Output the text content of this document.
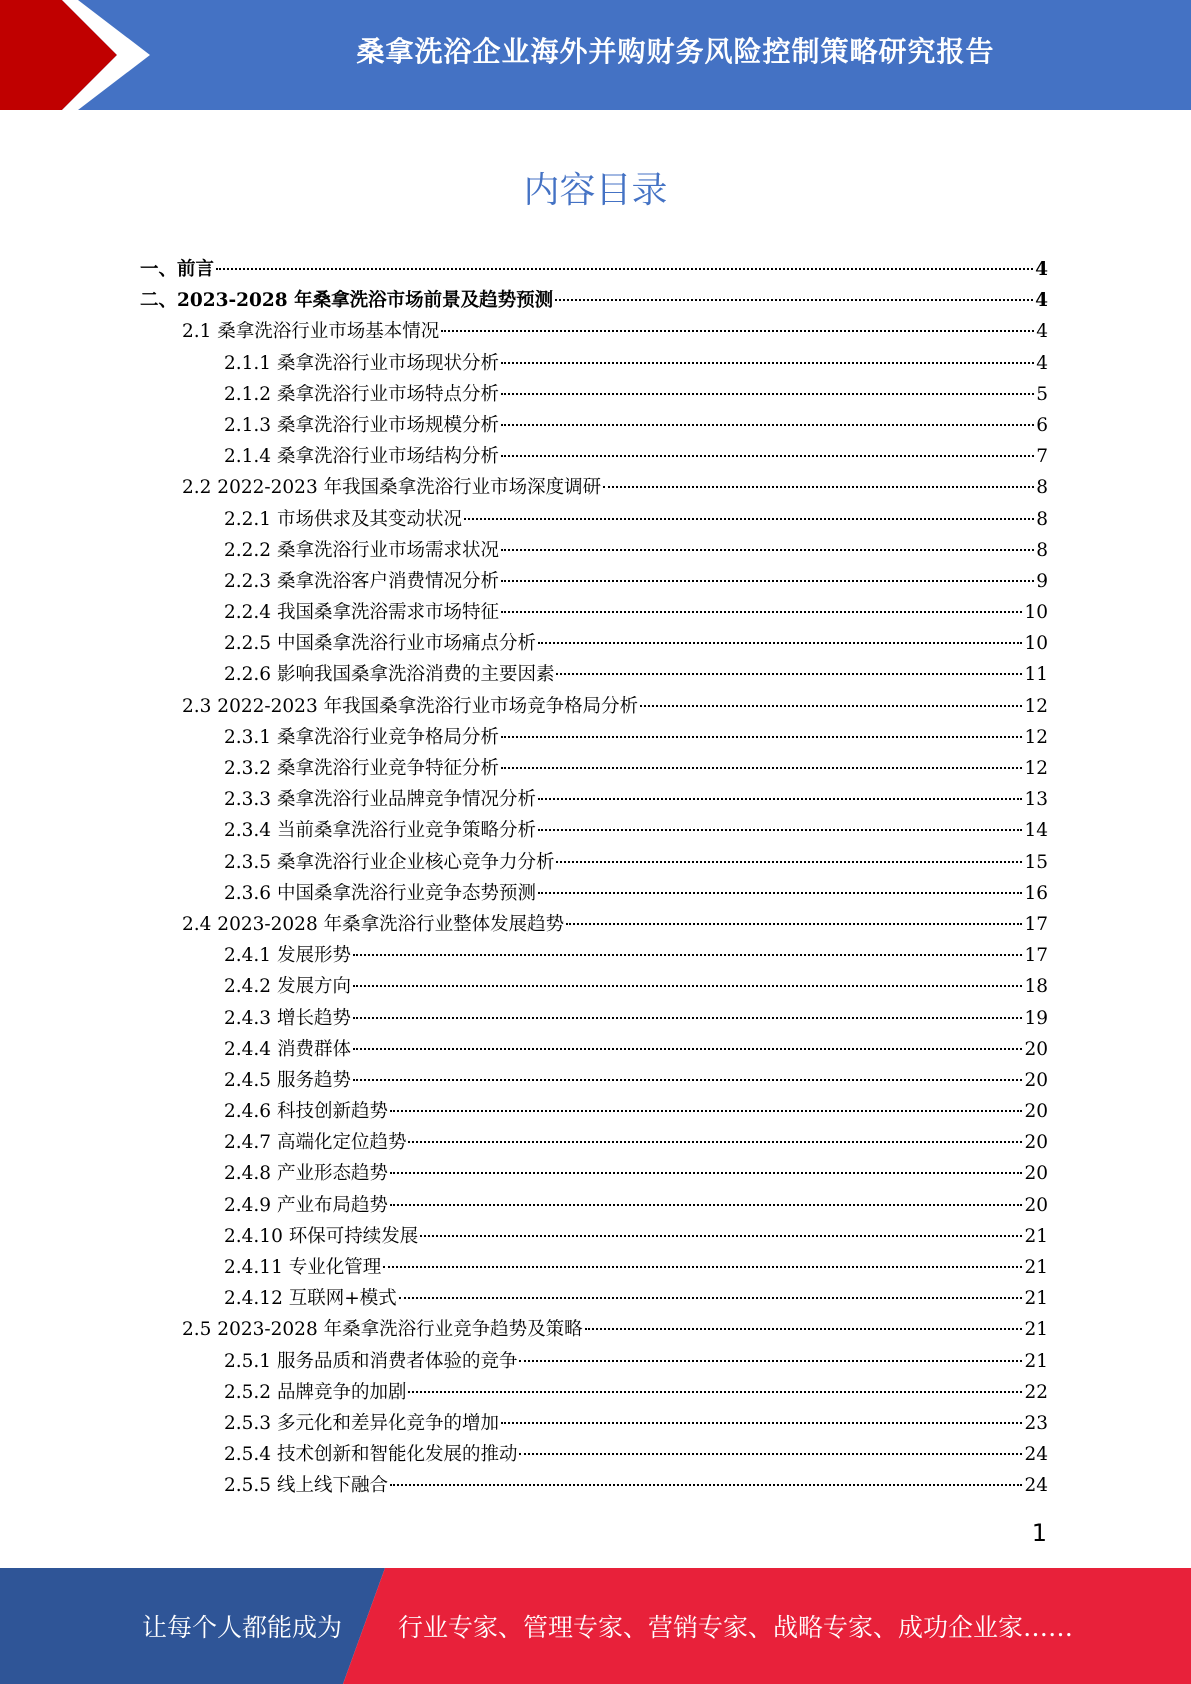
桑拿洗浴企业海外并购财务风险控制策略研究报告
内容目录
一、前言	4
二、2023-2028 年桑拿洗浴市场前景及趋势预测	4
2.1 桑拿洗浴行业市场基本情况	4
2.1.1 桑拿洗浴行业市场现状分析	4
2.1.2 桑拿洗浴行业市场特点分析	5
2.1.3 桑拿洗浴行业市场规模分析	6
2.1.4 桑拿洗浴行业市场结构分析	7
2.2 2022-2023 年我国桑拿洗浴行业市场深度调研	8
2.2.1 市场供求及其变动状况	8
2.2.2 桑拿洗浴行业市场需求状况	8
2.2.3 桑拿洗浴客户消费情况分析	9
2.2.4 我国桑拿洗浴需求市场特征	10
2.2.5 中国桑拿洗浴行业市场痛点分析	10
2.2.6 影响我国桑拿洗浴消费的主要因素	11
2.3 2022-2023 年我国桑拿洗浴行业市场竞争格局分析	12
2.3.1 桑拿洗浴行业竞争格局分析	12
2.3.2 桑拿洗浴行业竞争特征分析	12
2.3.3 桑拿洗浴行业品牌竞争情况分析	13
2.3.4 当前桑拿洗浴行业竞争策略分析	14
2.3.5 桑拿洗浴行业企业核心竞争力分析	15
2.3.6 中国桑拿洗浴行业竞争态势预测	16
2.4 2023-2028 年桑拿洗浴行业整体发展趋势	17
2.4.1 发展形势	17
2.4.2 发展方向	18
2.4.3 增长趋势	19
2.4.4 消费群体	20
2.4.5 服务趋势	20
2.4.6 科技创新趋势	20
2.4.7 高端化定位趋势	20
2.4.8 产业形态趋势	20
2.4.9 产业布局趋势	20
2.4.10 环保可持续发展	21
2.4.11 专业化管理	21
2.4.12 互联网+模式	21
2.5 2023-2028 年桑拿洗浴行业竞争趋势及策略	21
2.5.1 服务品质和消费者体验的竞争	21
2.5.2 品牌竞争的加剧	22
2.5.3 多元化和差异化竞争的增加	23
2.5.4 技术创新和智能化发展的推动	24
2.5.5 线上线下融合	24
1
让每个人都能成为 行业专家、管理专家、营销专家、战略专家、成功企业家……
